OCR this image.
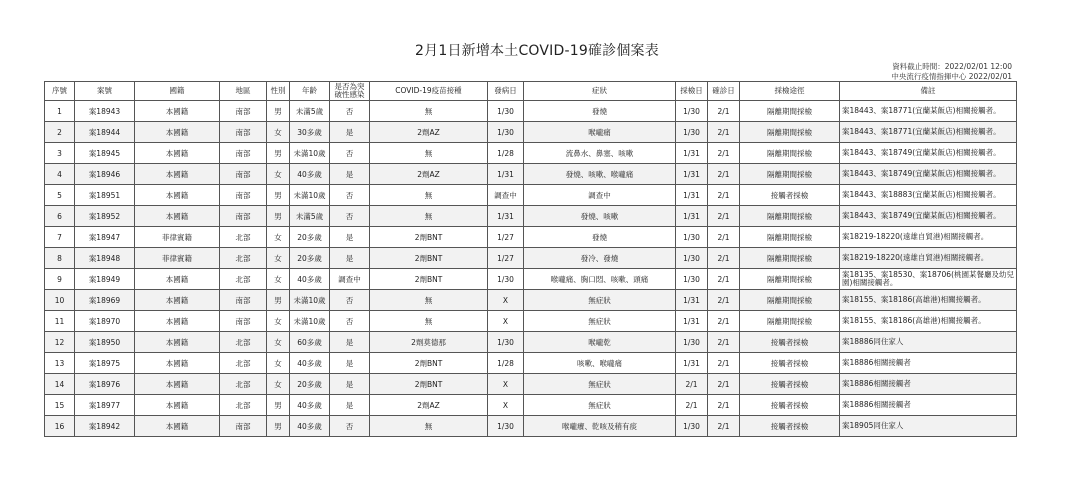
2月1日新增本土COVID-19確診個案表
資料截止時間：2022/02/01 12:00
中央流行疫情指揮中心 2022/02/01
序號	案號	國籍	地區	性別	年齡	是否為突破性感染	COVID-19疫苗接種	發病日	症狀	採檢日	確診日	採檢途徑	備註
1	案18943	本國籍	南部	男	未滿5歲	否	無	1/30	發燒	1/30	2/1	隔離期間採檢	案18443、案18771(宜蘭某飯店)相關接觸者。
2	案18944	本國籍	南部	女	30多歲	是	2劑AZ	1/30	喉嚨痛	1/30	2/1	隔離期間採檢	案18443、案18771(宜蘭某飯店)相關接觸者。
3	案18945	本國籍	南部	男	未滿10歲	否	無	1/28	流鼻水、鼻塞、咳嗽	1/31	2/1	隔離期間採檢	案18443、案18749(宜蘭某飯店)相關接觸者。
4	案18946	本國籍	南部	女	40多歲	是	2劑AZ	1/31	發燒、咳嗽、喉嚨痛	1/31	2/1	隔離期間採檢	案18443、案18749(宜蘭某飯店)相關接觸者。
5	案18951	本國籍	南部	男	未滿10歲	否	無	調查中	調查中	1/31	2/1	接觸者採檢	案18443、案18883(宜蘭某飯店)相關接觸者。
6	案18952	本國籍	南部	男	未滿5歲	否	無	1/31	發燒、咳嗽	1/31	2/1	隔離期間採檢	案18443、案18749(宜蘭某飯店)相關接觸者。
7	案18947	菲律賓籍	北部	女	20多歲	是	2劑BNT	1/27	發燒	1/30	2/1	隔離期間採檢	案18219-18220(遠雄自貿港)相關接觸者。
8	案18948	菲律賓籍	北部	女	20多歲	是	2劑BNT	1/27	發冷、發燒	1/30	2/1	隔離期間採檢	案18219-18220(遠雄自貿港)相關接觸者。
9	案18949	本國籍	北部	女	40多歲	調查中	2劑BNT	1/30	喉嚨痛、胸口悶、咳嗽、頭痛	1/30	2/1	隔離期間採檢	案18135、案18530、案18706(桃園某餐廳及幼兒園)相關接觸者。
10	案18969	本國籍	南部	男	未滿10歲	否	無	X	無症狀	1/31	2/1	隔離期間採檢	案18155、案18186(高雄港)相關接觸者。
11	案18970	本國籍	南部	女	未滿10歲	否	無	X	無症狀	1/31	2/1	隔離期間採檢	案18155、案18186(高雄港)相關接觸者。
12	案18950	本國籍	北部	女	60多歲	是	2劑莫德那	1/30	喉嚨乾	1/30	2/1	接觸者採檢	案18886同住家人
13	案18975	本國籍	北部	女	40多歲	是	2劑BNT	1/28	咳嗽、喉嚨痛	1/31	2/1	接觸者採檢	案18886相關接觸者
14	案18976	本國籍	北部	女	20多歲	是	2劑BNT	X	無症狀	2/1	2/1	接觸者採檢	案18886相關接觸者
15	案18977	本國籍	北部	男	40多歲	是	2劑AZ	X	無症狀	2/1	2/1	接觸者採檢	案18886相關接觸者
16	案18942	本國籍	南部	男	40多歲	否	無	1/30	喉嚨癢、乾咳及稍有痰	1/30	2/1	接觸者採檢	案18905同住家人
